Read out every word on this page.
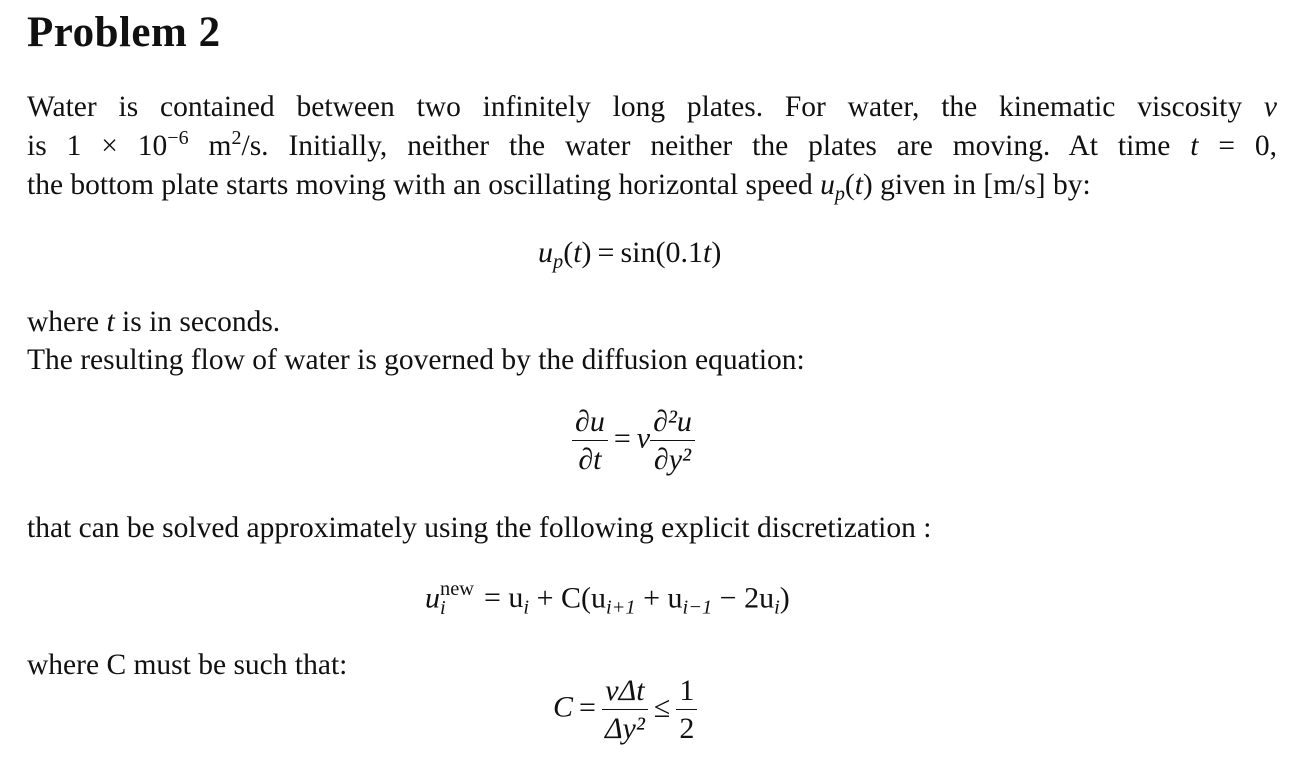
Problem 2
Water is contained between two infinitely long plates. For water, the kinematic viscosity ν
is $1 \times 10^{-6}$ $m^2/s$. Initially, neither the water neither the plates are moving. At time t = 0,
the bottom plate starts moving with an oscillating horizontal speed $u_p(t)$ given in [m/s] by:
$u_p(t) = \sin(0.1t)$
where t is in seconds.
The resulting flow of water is governed by the diffusion equation:
$\frac{\partial u}{\partial t} = \nu \frac{\text{∂²u}}{\text{∂y²}}$
that can be solved approximately using the following explicit discretization :
u new
$i = u_i + C(u_{i+1} + u_{i-1} - 2u_i)$
where C must be such that:
$C = \frac{\text{νΔt}}{\text{Δy²}} \le \frac{1}{2}$
